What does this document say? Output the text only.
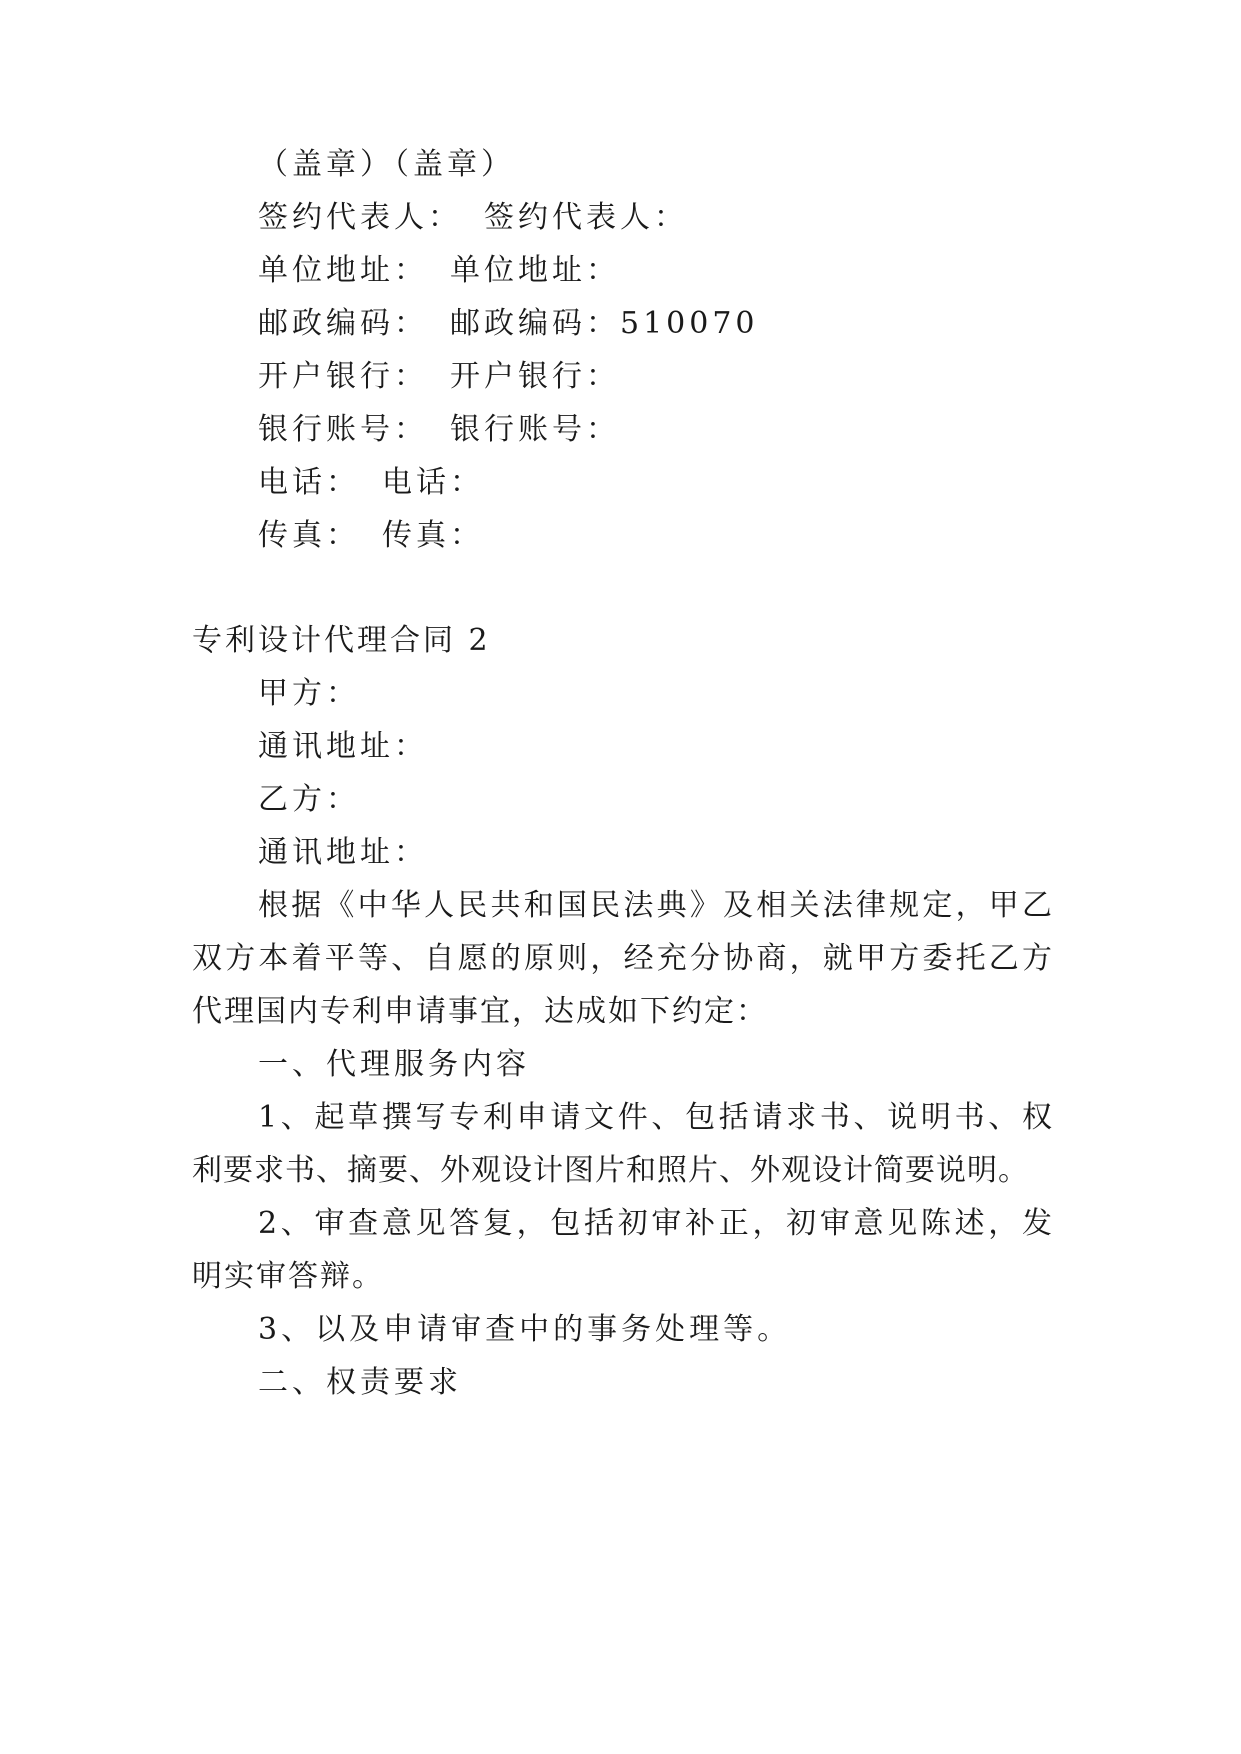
（盖章）（盖章）
签约代表人： 签约代表人：
单位地址： 单位地址：
邮政编码： 邮政编码：510070
开户银行： 开户银行：
银行账号： 银行账号：
电话： 电话：
传真： 传真：
专利设计代理合同 2
甲方：
通讯地址：
乙方：
通讯地址：
根据《中华人民共和国民法典》及相关法律规定，甲乙
双方本着平等、自愿的原则，经充分协商，就甲方委托乙方
代理国内专利申请事宜，达成如下约定：
一、代理服务内容
1、起草撰写专利申请文件、包括请求书、说明书、权
利要求书、摘要、外观设计图片和照片、外观设计简要说明。
2、审查意见答复，包括初审补正，初审意见陈述，发
明实审答辩。
3、以及申请审查中的事务处理等。
二、权责要求
